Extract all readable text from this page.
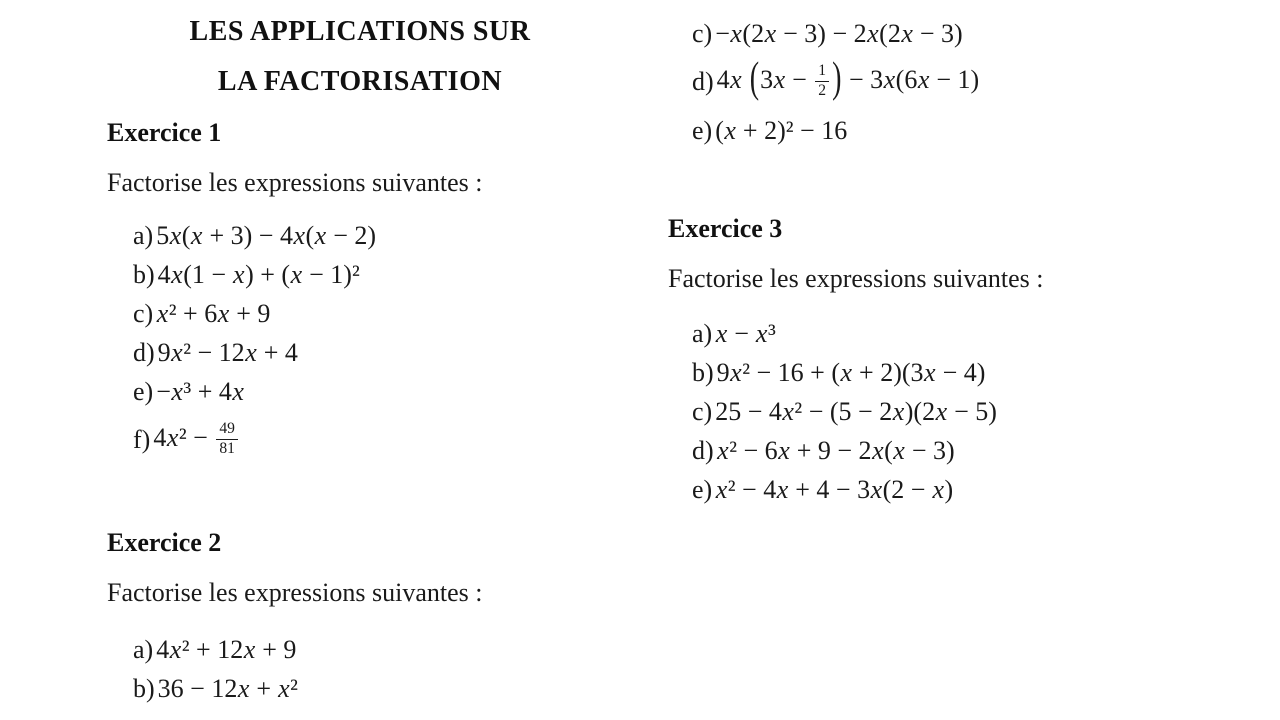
LES APPLICATIONS SUR
LA FACTORISATION
Exercice 1
Factorise les expressions suivantes :
a) 5x(x + 3) − 4x(x − 2)
b) 4x(1 − x) + (x − 1)²
c) x² + 6x + 9
d) 9x² − 12x + 4
e) −x³ + 4x
f) $4x^2 - \frac{49}{81}$
Exercice 2
Factorise les expressions suivantes :
a) 4x² + 12x + 9
b) 36 − 12x + x²
c) −x(2x − 3) − 2x(2x − 3)
d) 4x ($3x - \frac{1}{2}$ ) − 3x(6x − 1)
e) (x + 2)² − 16
Exercice 3
Factorise les expressions suivantes :
a) x − x³
b) 9x² − 16 + (x + 2)(3x − 4)
c) 25 − 4x² − (5 − 2x)(2x − 5)
d) x² − 6x + 9 − 2x(x − 3)
e) x² − 4x + 4 − 3x(2 − x)
